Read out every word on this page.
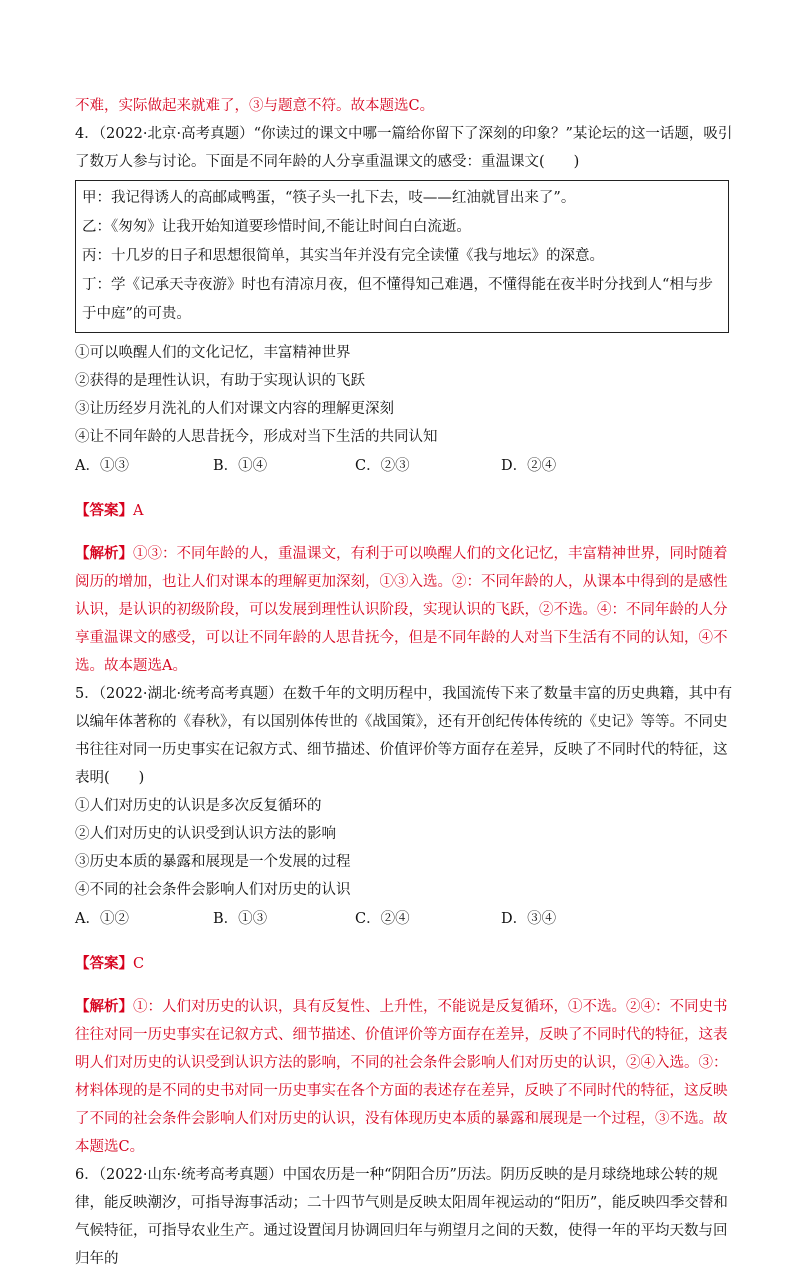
不难，实际做起来就难了，③与题意不符。故本题选C。

4．（2022·北京·高考真题）“你读过的课文中哪一篇给你留下了深刻的印象？”某论坛的这一话题，吸引了数万人参与讨论。下面是不同年龄的人分享重温课文的感受：重温课文(　　)

甲：我记得诱人的高邮咸鸭蛋，“筷子头一扎下去，吱——红油就冒出来了”。

乙：《匆匆》让我开始知道要珍惜时间,不能让时间白白流逝。

丙：十几岁的日子和思想很简单，其实当年并没有完全读懂《我与地坛》的深意。

丁：学《记承天寺夜游》时也有清凉月夜，但不懂得知己难遇，不懂得能在夜半时分找到人“相与步于中庭”的可贵。

①可以唤醒人们的文化记忆，丰富精神世界

②获得的是理性认识，有助于实现认识的飞跃

③让历经岁月洗礼的人们对课文内容的理解更深刻

④让不同年龄的人思昔抚今，形成对当下生活的共同认知

A．①③	B．①④	C．②③	D．②④

【答案】A

【解析】①③：不同年龄的人，重温课文，有利于可以唤醒人们的文化记忆，丰富精神世界，同时随着阅历的增加，也让人们对课本的理解更加深刻，①③入选。②：不同年龄的人，从课本中得到的是感性认识，是认识的初级阶段，可以发展到理性认识阶段，实现认识的飞跃，②不选。④：不同年龄的人分享重温课文的感受，可以让不同年龄的人思昔抚今，但是不同年龄的人对当下生活有不同的认知，④不选。故本题选A。

5．（2022·湖北·统考高考真题）在数千年的文明历程中，我国流传下来了数量丰富的历史典籍，其中有以编年体著称的《春秋》，有以国别体传世的《战国策》，还有开创纪传体传统的《史记》等等。不同史书往往对同一历史事实在记叙方式、细节描述、价值评价等方面存在差异，反映了不同时代的特征，这表明(　　)

①人们对历史的认识是多次反复循环的

②人们对历史的认识受到认识方法的影响

③历史本质的暴露和展现是一个发展的过程

④不同的社会条件会影响人们对历史的认识

A．①②	B．①③	C．②④	D．③④

【答案】C

【解析】①：人们对历史的认识，具有反复性、上升性，不能说是反复循环，①不选。②④：不同史书往往对同一历史事实在记叙方式、细节描述、价值评价等方面存在差异，反映了不同时代的特征，这表明人们对历史的认识受到认识方法的影响，不同的社会条件会影响人们对历史的认识，②④入选。③：材料体现的是不同的史书对同一历史事实在各个方面的表述存在差异，反映了不同时代的特征，这反映了不同的社会条件会影响人们对历史的认识，没有体现历史本质的暴露和展现是一个过程，③不选。故本题选C。

6．（2022·山东·统考高考真题）中国农历是一种“阴阳合历”历法。阴历反映的是月球绕地球公转的规律，能反映潮汐，可指导海事活动；二十四节气则是反映太阳周年视运动的“阳历”，能反映四季交替和气候特征，可指导农业生产。通过设置闰月协调回归年与朔望月之间的天数，使得一年的平均天数与回归年的
